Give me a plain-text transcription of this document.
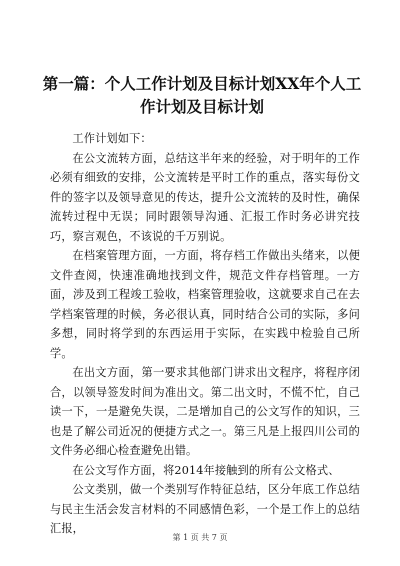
第一篇：个人工作计划及目标计划XX年个人工作计划及目标计划

工作计划如下：

在公文流转方面，总结这半年来的经验，对于明年的工作必须有细致的安排，公文流转是平时工作的重点，落实每份文件的签字以及领导意见的传达，提升公文流转的及时性，确保流转过程中无误；同时跟领导沟通、汇报工作时务必讲究技巧，察言观色，不该说的千万别说。

在档案管理方面，一方面，将存档工作做出头绪来，以便文件查阅，快速准确地找到文件，规范文件存档管理。一方面，涉及到工程竣工验收，档案管理验收，这就要求自己在去学档案管理的时候，务必很认真，同时结合公司的实际，多问多想，同时将学到的东西运用于实际，在实践中检验自己所学。

在出文方面，第一要求其他部门讲求出文程序，将程序闭合，以领导签发时间为准出文。第二出文时，不慌不忙，自己读一下，一是避免失误，二是增加自己的公文写作的知识，三也是了解公司近况的便捷方式之一。第三凡是上报四川公司的文件务必细心检查避免出错。

在公文写作方面，将2014年接触到的所有公文格式、

公文类别，做一个类别写作特征总结，区分年底工作总结与民主生活会发言材料的不同感情色彩，一个是工作上的总结汇报，

第 1 页 共 7 页
